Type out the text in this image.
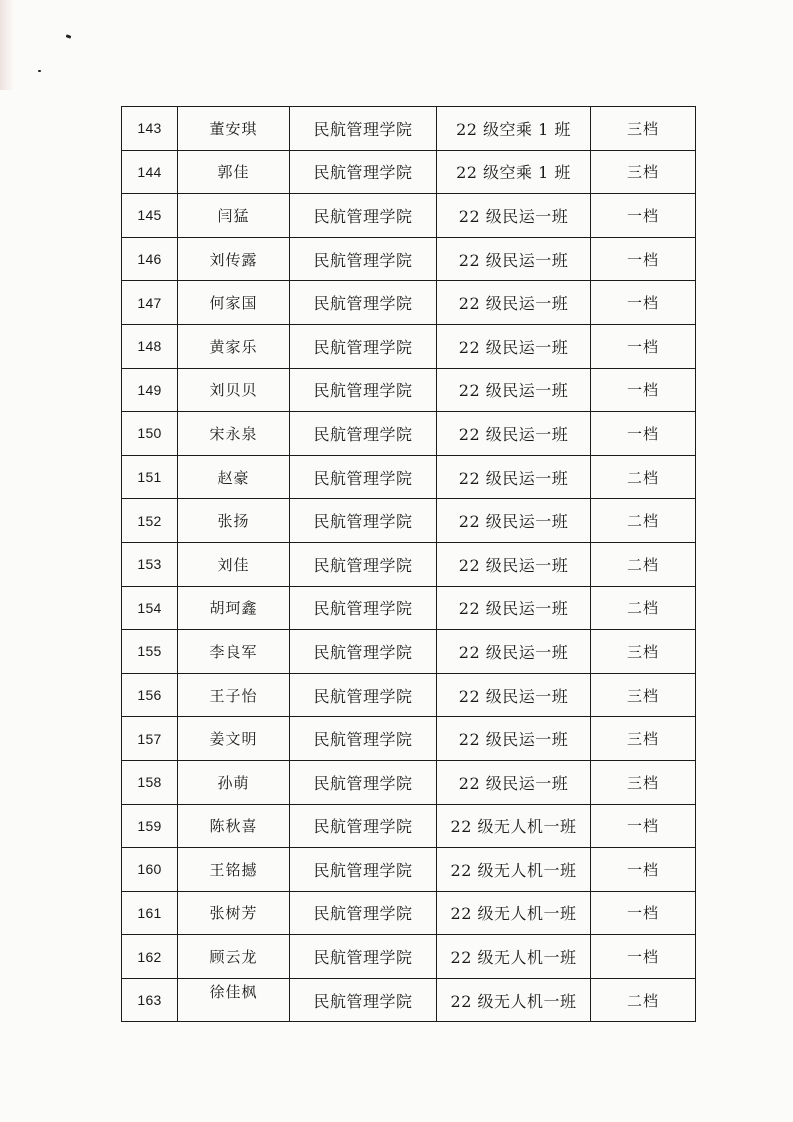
143	董安琪	民航管理学院	22 级空乘 1 班	三档
144	郭佳	民航管理学院	22 级空乘 1 班	三档
145	闫猛	民航管理学院	22 级民运一班	一档
146	刘传露	民航管理学院	22 级民运一班	一档
147	何家国	民航管理学院	22 级民运一班	一档
148	黄家乐	民航管理学院	22 级民运一班	一档
149	刘贝贝	民航管理学院	22 级民运一班	一档
150	宋永泉	民航管理学院	22 级民运一班	一档
151	赵豪	民航管理学院	22 级民运一班	二档
152	张扬	民航管理学院	22 级民运一班	二档
153	刘佳	民航管理学院	22 级民运一班	二档
154	胡珂鑫	民航管理学院	22 级民运一班	二档
155	李良军	民航管理学院	22 级民运一班	三档
156	王子怡	民航管理学院	22 级民运一班	三档
157	姜文明	民航管理学院	22 级民运一班	三档
158	孙萌	民航管理学院	22 级民运一班	三档
159	陈秋喜	民航管理学院	22 级无人机一班	一档
160	王铭撼	民航管理学院	22 级无人机一班	一档
161	张树芳	民航管理学院	22 级无人机一班	一档
162	顾云龙	民航管理学院	22 级无人机一班	一档
163	徐佳枫	民航管理学院	22 级无人机一班	二档
